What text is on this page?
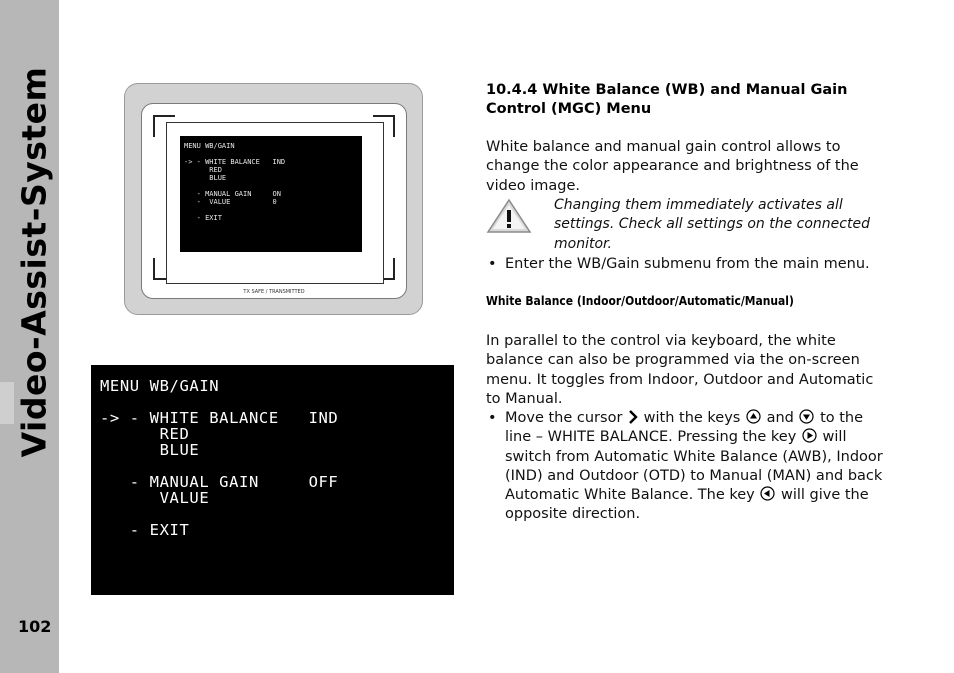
Video-Assist-System
102
MENU WB/GAIN

-> - WHITE BALANCE   IND
RED
BLUE

- MANUAL GAIN     ON
-  VALUE          0

- EXIT
TX SAFE / TRANSMITTED
MENU WB/GAIN

-> - WHITE BALANCE   IND
RED
BLUE

- MANUAL GAIN     OFF
VALUE

- EXIT
10.4.4 White Balance (WB) and Manual Gain Control (MGC) Menu

White balance and manual gain control allows to change the color appearance and brightness of the video image.

Changing them immediately activates all settings. Check all settings on the connected monitor.

• Enter the WB/Gain submenu from the main menu.

White Balance (Indoor/Outdoor/Automatic/Manual)

In parallel to the control via keyboard, the white balance can also be programmed via the on-screen menu. It toggles from Indoor, Outdoor and Automatic to Manual.

• Move the cursor with the keys and to the line – WHITE BALANCE. Pressing the key will switch from Automatic White Balance (AWB), Indoor (IND) and Outdoor (OTD) to Manual (MAN) and back Automatic White Balance. The key will give the opposite direction.
